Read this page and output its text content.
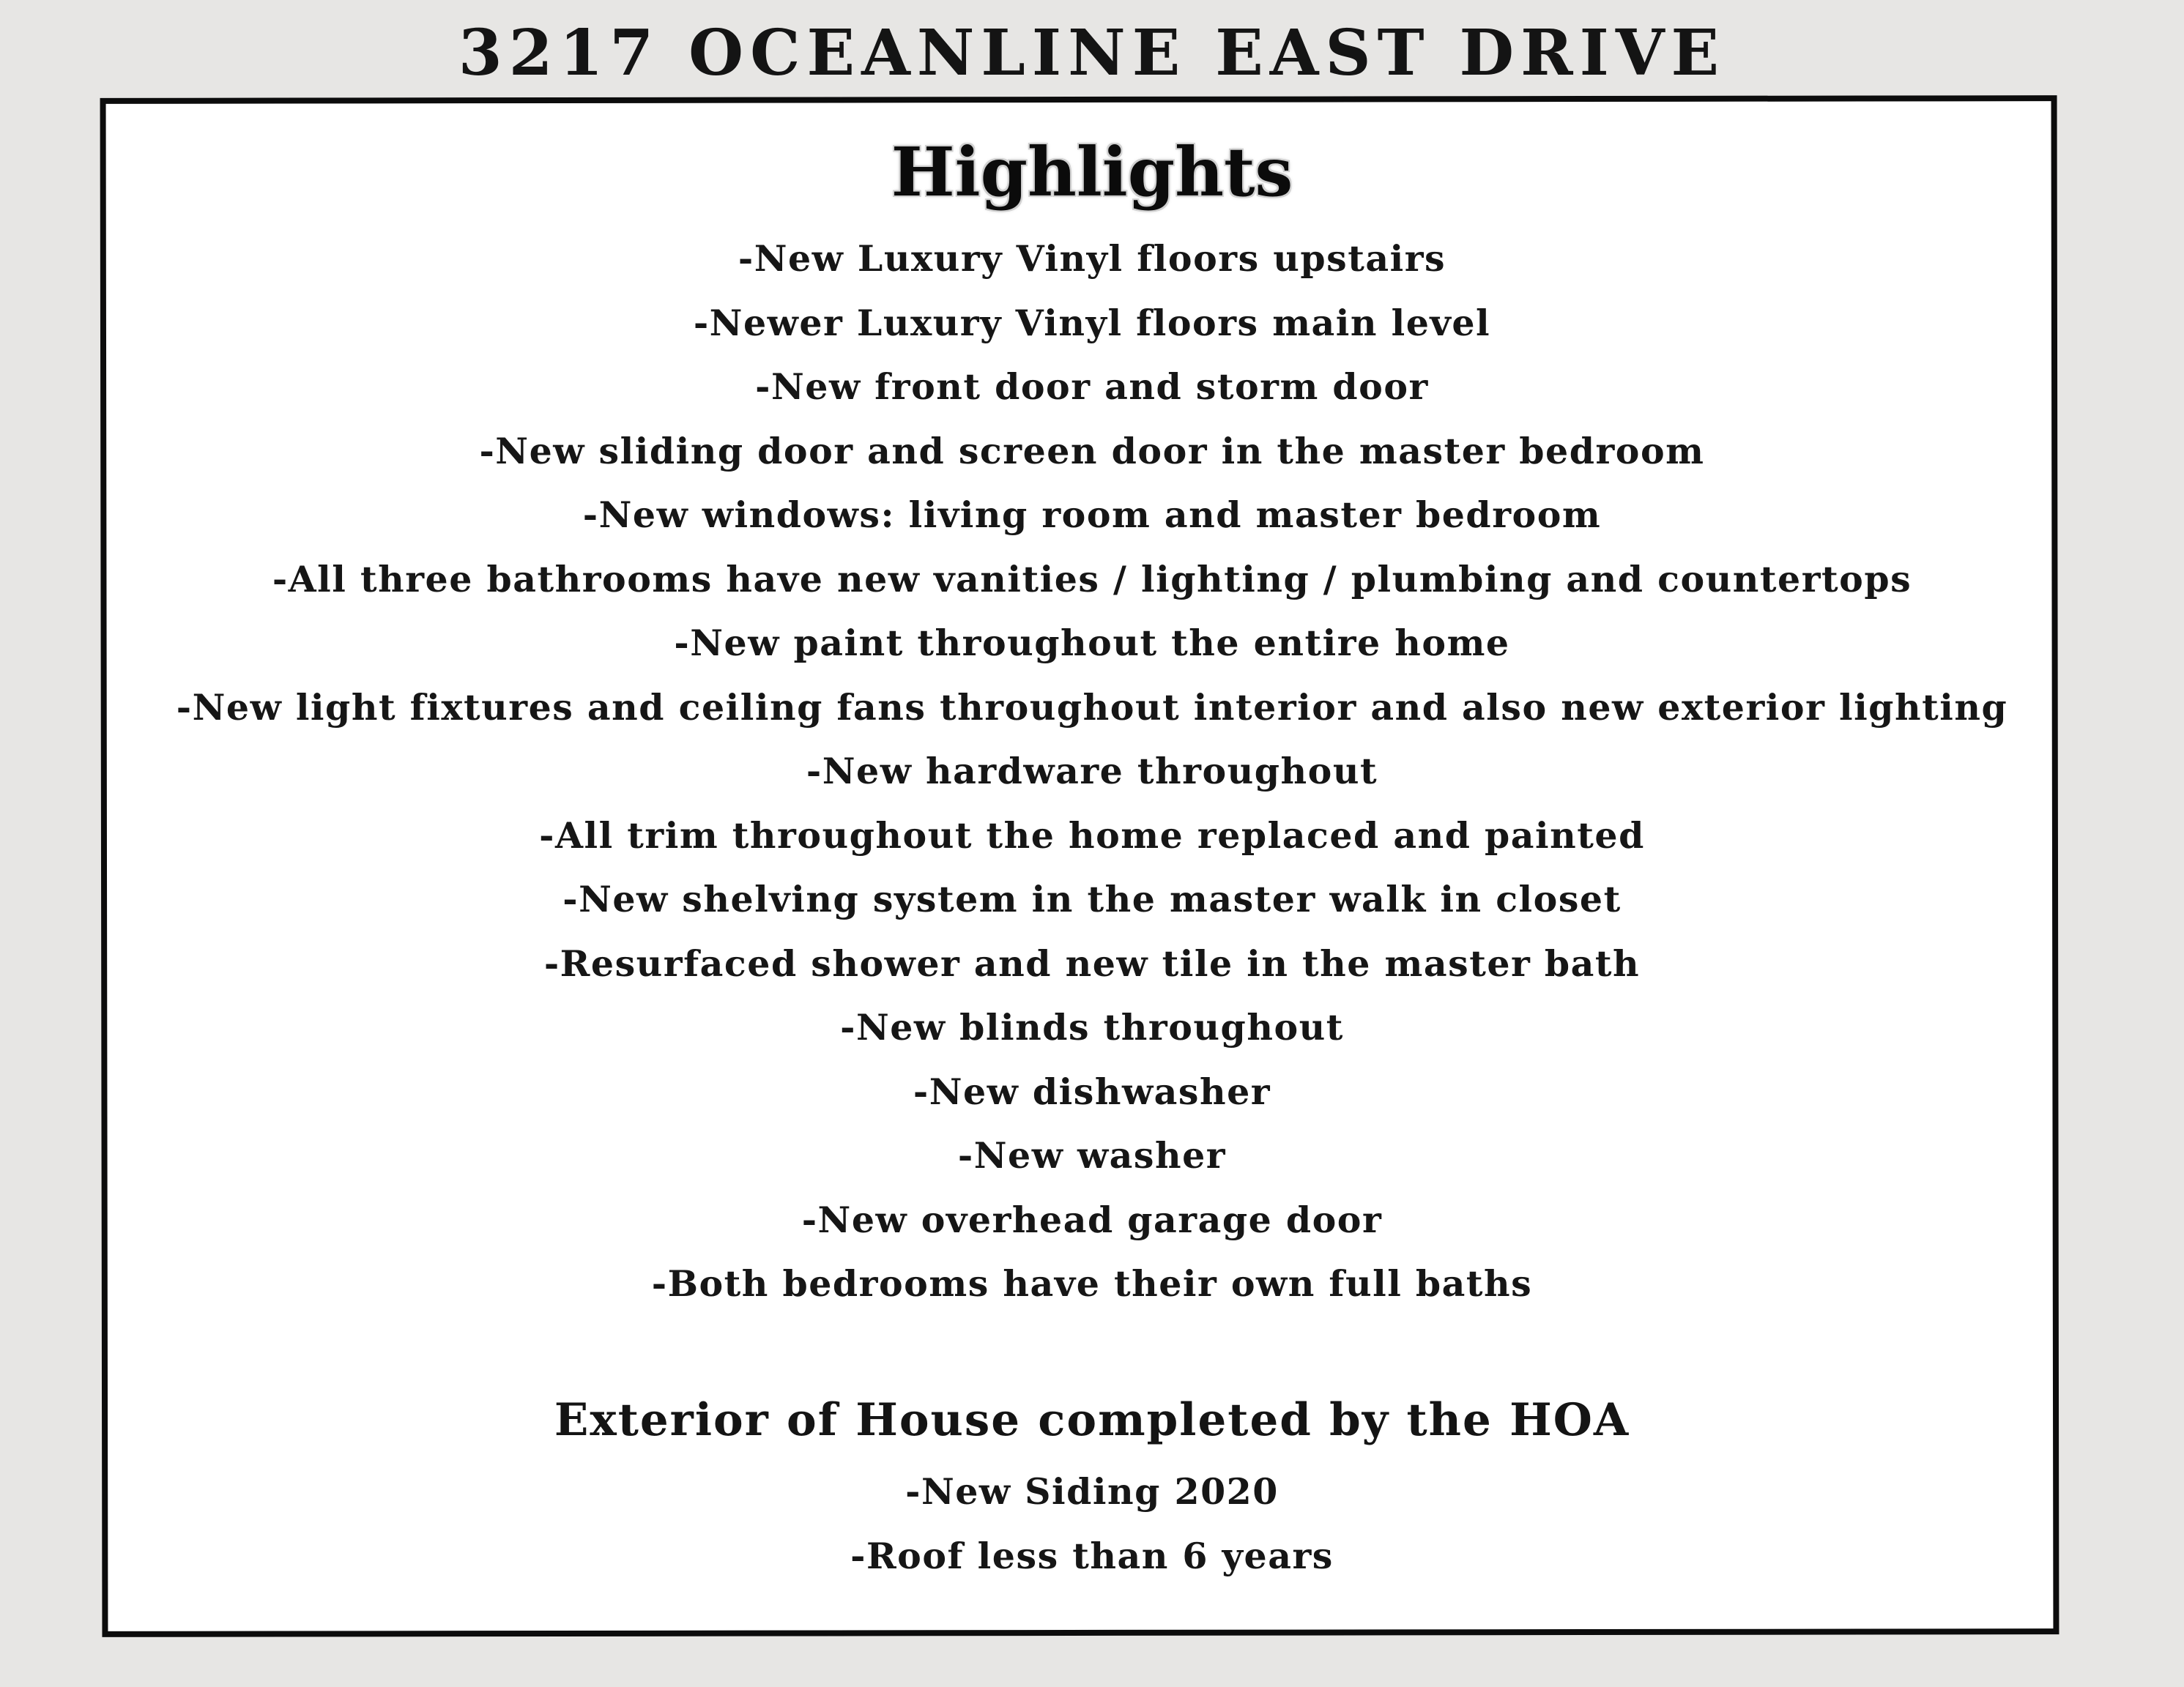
3217 OCEANLINE EAST DRIVE
Highlights
-New Luxury Vinyl floors upstairs
-Newer Luxury Vinyl floors main level
-New front door and storm door
-New sliding door and screen door in the master bedroom
-New windows: living room and master bedroom
-All three bathrooms have new vanities / lighting / plumbing and countertops
-New paint throughout the entire home
-New light fixtures and ceiling fans throughout interior and also new exterior lighting
-New hardware throughout
-All trim throughout the home replaced and painted
-New shelving system in the master walk in closet
-Resurfaced shower and new tile in the master bath
-New blinds throughout
-New dishwasher
-New washer
-New overhead garage door
-Both bedrooms have their own full baths
Exterior of House completed by the HOA
-New Siding 2020
-Roof less than 6 years
